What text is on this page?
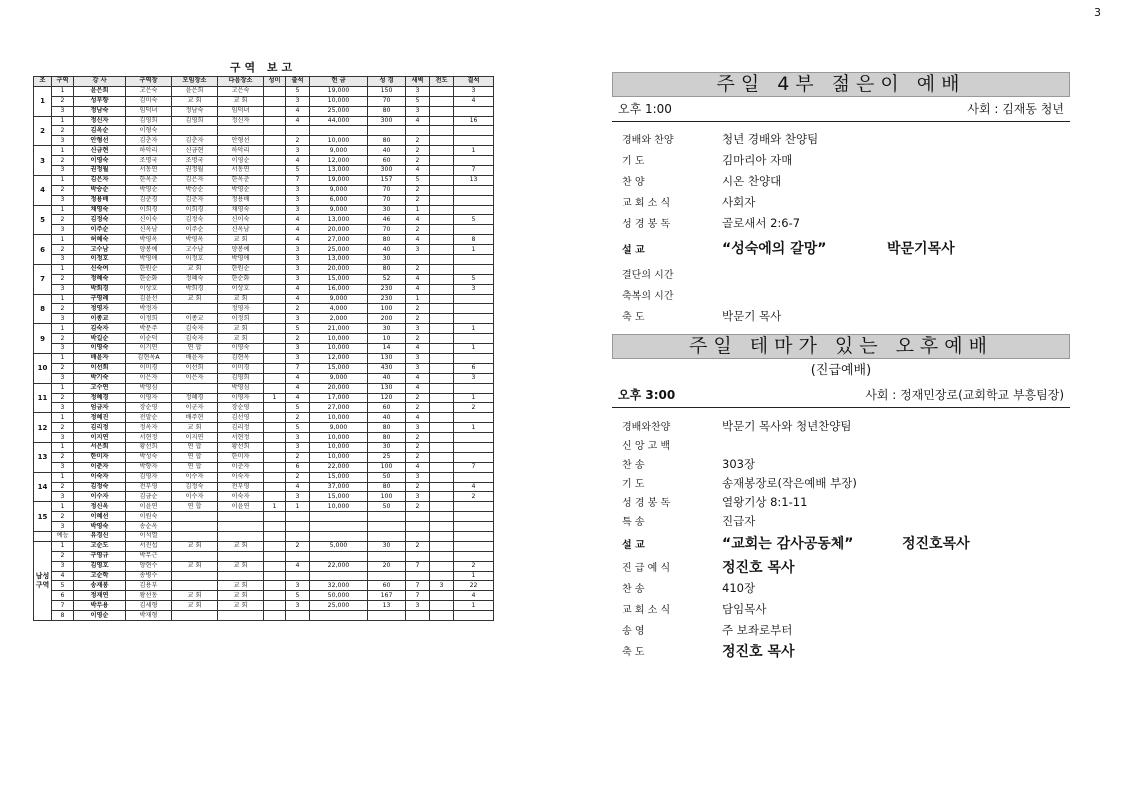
3
구역 보고
조	구역	강 사	구역장	모임장소	다음장소	성미	출석	헌 금	성 경	새벽	전도	결석
1	1	윤은희	고은숙	윤은희	고은숙		5	19,000	150	3		3
	2	성부향	김미숙	교 회	교 회		3	10,000	70	5		4
	3	정남숙	임덕녀	정남숙	임덕녀		4	25,000	80	3		
2	1	정신자	김영희	김영희	정신자		4	44,000	300	4		16
	2	김옥순	이형숙									
	3	안형선	김춘자	김춘자	안형선		2	10,000	80	2		
3	1	신금현	하악리	신금현	하악리		3	9,000	40	2		1
	2	이영숙	조명국	조명국	이영순		4	12,000	60	2		
	3	권정월	서동연	권정월	서동연		5	13,000	300	4		7
4	1	김은자	한옥춘	김은자	한옥춘		7	19,000	157	5		13
	2	박승순	박영순	박승순	박영순		3	9,000	70	2		
	3	정용배	김춘경	김춘자	정용배		3	6,000	70	2		
5	1	채영숙	이희경	이희경	채영숙		3	9,000	30	1		
	2	김정숙	신이숙	김정숙	신이숙		4	13,000	46	4		5
	3	이주순	신옥남	이주순	신옥남		4	20,000	70	2		
6	1	허혜숙	박영옥	박영옥	교 회		4	27,000	80	4		8
	2	고수남	양봉예	고수남	양봉예		3	25,000	40	3		1
	3	이정호	박영애	이정호	박영애		3	13,000	30			
7	1	신숙여	한원순	교 회	한원순		3	20,000	80	2		
	2	정혜숙	한순화	정혜숙	한순화		3	15,000	52	4		5
	3	박희경	이상호	박희경	이상호		4	16,000	230	4		3
8	1	구영례	김윤선	교 회	교 회		4	9,000	230	1		
	2	정영자	박정자		정영자		2	4,000	100	2		
	3	이종교	이정희	이종교	이정희		3	2,000	200	2		
9	1	김숙자	박문주	김숙자	교 회		5	21,000	30	3		1
	2	박길순	이순덕	김숙자	교 회		2	10,000	10	2		
	3	이영숙	이기연	연 합	이영숙		3	10,000	14	4		1
10	1	배윤자	김현옥A	배윤자	김현옥		3	12,000	130	3		
	2	이선희	이미경	이선희	이미경		7	15,000	430	3		6
	3	박기숙	이은자	이은자	김영희		4	9,000	40	4		3
11	1	고수연	박영심		박영심		4	20,000	130	4		
	2	정혜경	이영자	정혜경	이영자	1	4	17,000	120	2		1
	3	엄금자	장순영	이군자	장순영		5	27,000	60	2		2
12	1	정혜진	전말순	배주현	김선영		2	10,000	40	4		
	2	김리정	정옥자	교 회	김리정		5	9,000	80	3		1
	3	이지연	서현정	이지연	서현정		3	10,000	80	2		
13	1	서은희	황선희	연 합	황선희		3	10,000	30	2		
	2	한미자	박성숙	연 합	한미자		2	10,000	25	2		
	3	이춘자	박향자	연 합	이춘자		6	22,000	100	4		7
14	1	이숙자	김영자	이수자	이숙자		2	15,000	50	3		
	2	김정숙	전부영	김정숙	전부영		4	37,000	80	2		4
	3	이수자	김금순	이수자	이숙자		3	15,000	100	3		2
15	1	정신옥	이윤연	연 합	이윤연	1	1	10,000	50	2		
	2	이혜선	이원숙									
	3	박영숙	송순옥									
	예능	유경신	이석열									
남성구역	1	고순도	서진섭	교 회	교 회		2	5,000	30	2		
	2	구영규	박무근									
	3	김영호	양현수	교 회	교 회		4	22,000	20	7		2
	4	고순학	송병수									1
	5	송재봉	김용부		교 회		3	32,000	60	7	3	22
	6	정재연	왕선동	교 회	교 회		5	50,000	167	7		4
	7	박무용	김세형	교 회	교 회		3	25,000	13	3		1
	8	이영순	박재형									
주일 4부 젊은이 예배
오후 1:00	사회 : 김재동 청년
경배와 찬양	청년 경배와 찬양팀
기 도	김마리아 자매
찬 양	시온 찬양대
교 회 소 식	사회자
성 경 봉 독	골로새서 2:6-7
설 교	“성숙에의 갈망”	박문기목사
결단의 시간
축복의 시간
축 도	박문기 목사
주일 테마가 있는 오후예배
(진급예배)
오후 3:00	사회 : 정재민장로(교회학교 부흥팀장)
경배와찬양	박문기 목사와 청년찬양팀
신 앙 고 백
찬 송	303장
기 도	송재봉장로(작은예배 부장)
성 경 봉 독	열왕기상 8:1-11
특 송	진급자
설 교	“교회는 감사공동체”	정진호목사
진 급 예 식	정진호 목사
찬 송	410장
교 회 소 식	담임목사
송 영	주 보좌로부터
축 도	정진호 목사
